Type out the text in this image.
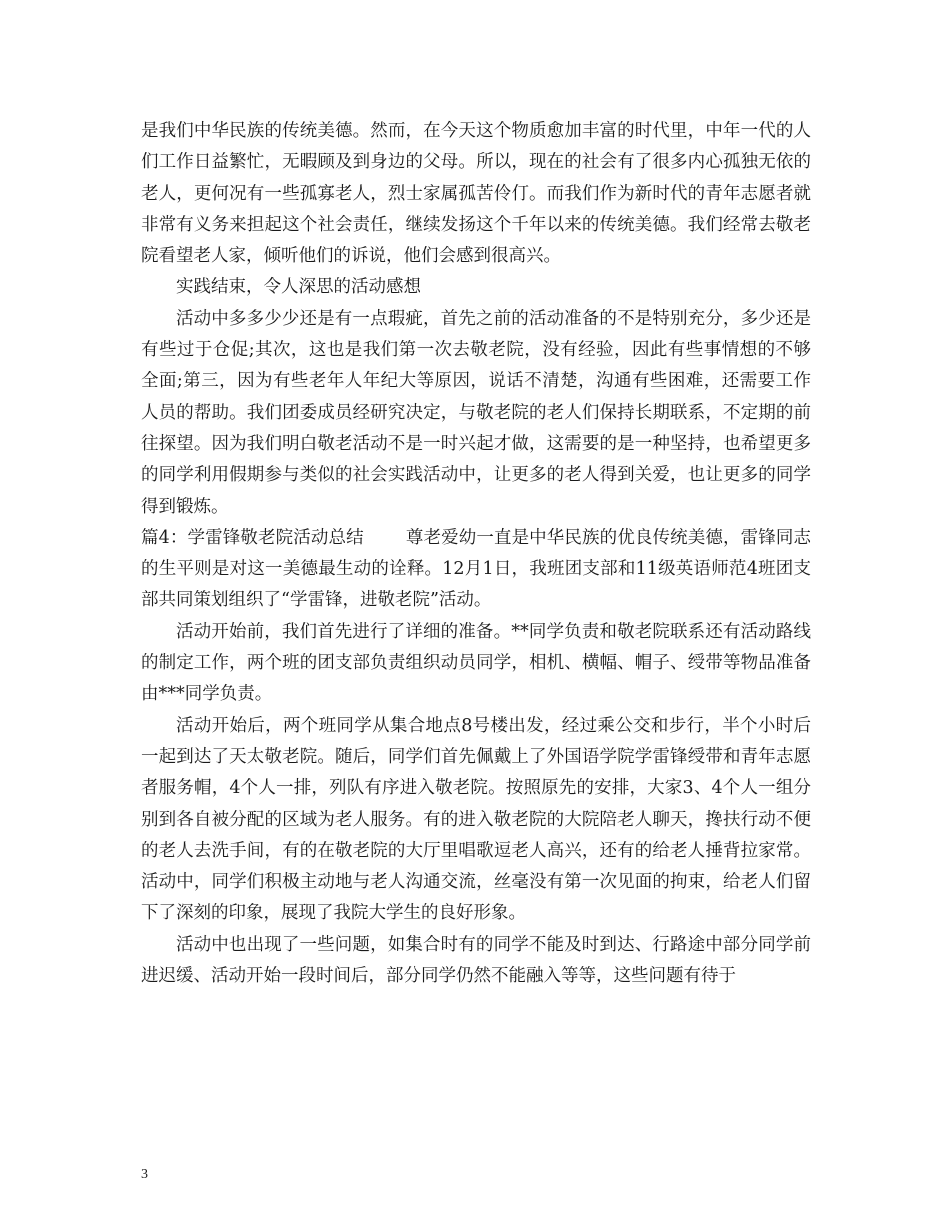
是我们中华民族的传统美德。然而，在今天这个物质愈加丰富的时代里，中年一代的人们工作日益繁忙，无暇顾及到身边的父母。所以，现在的社会有了很多内心孤独无依的老人，更何况有一些孤寡老人，烈士家属孤苦伶仃。而我们作为新时代的青年志愿者就非常有义务来担起这个社会责任，继续发扬这个千年以来的传统美德。我们经常去敬老院看望老人家，倾听他们的诉说，他们会感到很高兴。

实践结束，令人深思的活动感想

活动中多多少少还是有一点瑕疵，首先之前的活动准备的不是特别充分，多少还是有些过于仓促;其次，这也是我们第一次去敬老院，没有经验，因此有些事情想的不够全面;第三，因为有些老年人年纪大等原因，说话不清楚，沟通有些困难，还需要工作人员的帮助。我们团委成员经研究决定，与敬老院的老人们保持长期联系，不定期的前往探望。因为我们明白敬老活动不是一时兴起才做，这需要的是一种坚持，也希望更多的同学利用假期参与类似的社会实践活动中，让更多的老人得到关爱，也让更多的同学得到锻炼。

篇4：学雷锋敬老院活动总结 尊老爱幼一直是中华民族的优良传统美德，雷锋同志的生平则是对这一美德最生动的诠释。12月1日，我班团支部和11级英语师范4班团支部共同策划组织了“学雷锋，进敬老院”活动。

活动开始前，我们首先进行了详细的准备。**同学负责和敬老院联系还有活动路线的制定工作，两个班的团支部负责组织动员同学，相机、横幅、帽子、绶带等物品准备由***同学负责。

活动开始后，两个班同学从集合地点8号楼出发，经过乘公交和步行，半个小时后一起到达了天太敬老院。随后，同学们首先佩戴上了外国语学院学雷锋绶带和青年志愿者服务帽，4个人一排，列队有序进入敬老院。按照原先的安排，大家3、4个人一组分别到各自被分配的区域为老人服务。有的进入敬老院的大院陪老人聊天，搀扶行动不便的老人去洗手间，有的在敬老院的大厅里唱歌逗老人高兴，还有的给老人捶背拉家常。活动中，同学们积极主动地与老人沟通交流，丝毫没有第一次见面的拘束，给老人们留下了深刻的印象，展现了我院大学生的良好形象。

活动中也出现了一些问题，如集合时有的同学不能及时到达、行路途中部分同学前进迟缓、活动开始一段时间后，部分同学仍然不能融入等等，这些问题有待于

3
